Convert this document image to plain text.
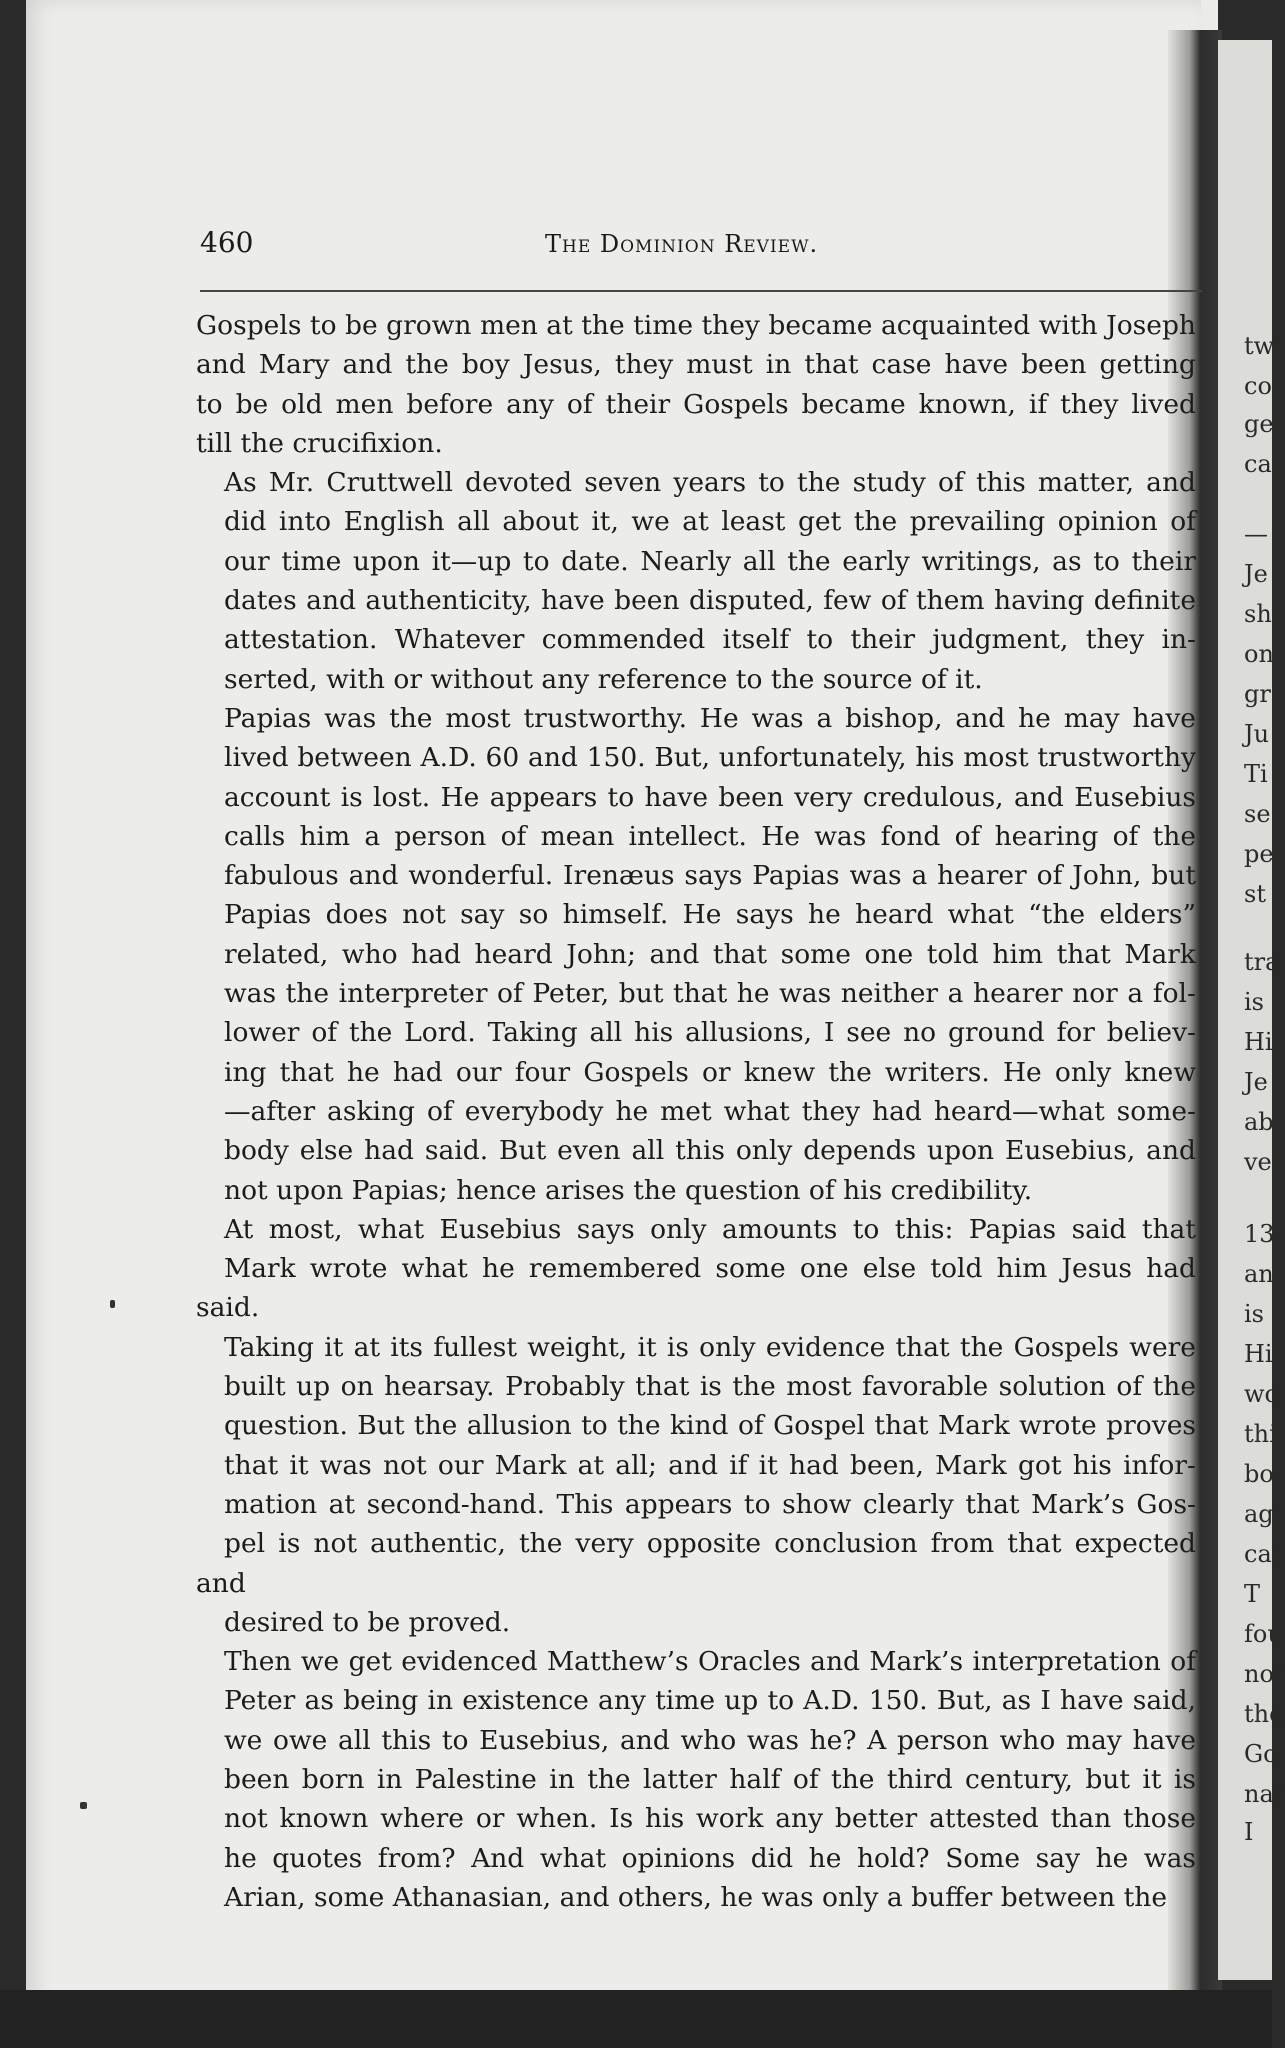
tw
co
ge
ca
—
Je
sh
on
gr
Ju
Ti
se
pe
st
tra
is
Hi
Je
ab
ve
13
an
is
Hi
wo
thi
bo
ag
cal
T
fou
not
the
Go
nar
I
460	The Dominion Review.

Gospels to be grown men at the time they became acquainted with Joseph
and Mary and the boy Jesus, they must in that case have been getting
to be old men before any of their Gospels became known, if they lived
till the crucifixion.

As Mr. Cruttwell devoted seven years to the study of this matter, and
did into English all about it, we at least get the prevailing opinion of
our time upon it—up to date. Nearly all the early writings, as to their
dates and authenticity, have been disputed, few of them having definite
attestation. Whatever commended itself to their judgment, they in-
serted, with or without any reference to the source of it.

Papias was the most trustworthy. He was a bishop, and he may have
lived between A.D. 60 and 150. But, unfortunately, his most trustworthy
account is lost. He appears to have been very credulous, and Eusebius
calls him a person of mean intellect. He was fond of hearing of the
fabulous and wonderful. Irenæus says Papias was a hearer of John, but
Papias does not say so himself. He says he heard what “the elders”
related, who had heard John; and that some one told him that Mark
was the interpreter of Peter, but that he was neither a hearer nor a fol-
lower of the Lord. Taking all his allusions, I see no ground for believ-
ing that he had our four Gospels or knew the writers. He only knew
—after asking of everybody he met what they had heard—what some-
body else had said. But even all this only depends upon Eusebius, and
not upon Papias; hence arises the question of his credibility.

At most, what Eusebius says only amounts to this: Papias said that
Mark wrote what he remembered some one else told him Jesus had said.
Taking it at its fullest weight, it is only evidence that the Gospels were
built up on hearsay. Probably that is the most favorable solution of the
question. But the allusion to the kind of Gospel that Mark wrote proves
that it was not our Mark at all; and if it had been, Mark got his infor-
mation at second-hand. This appears to show clearly that Mark’s Gos-
pel is not authentic, the very opposite conclusion from that expected and
desired to be proved.

Then we get evidenced Matthew’s Oracles and Mark’s interpretation of
Peter as being in existence any time up to A.D. 150. But, as I have said,
we owe all this to Eusebius, and who was he? A person who may have
been born in Palestine in the latter half of the third century, but it is
not known where or when. Is his work any better attested than those
he quotes from? And what opinions did he hold? Some say he was
Arian, some Athanasian, and others, he was only a buffer between the
